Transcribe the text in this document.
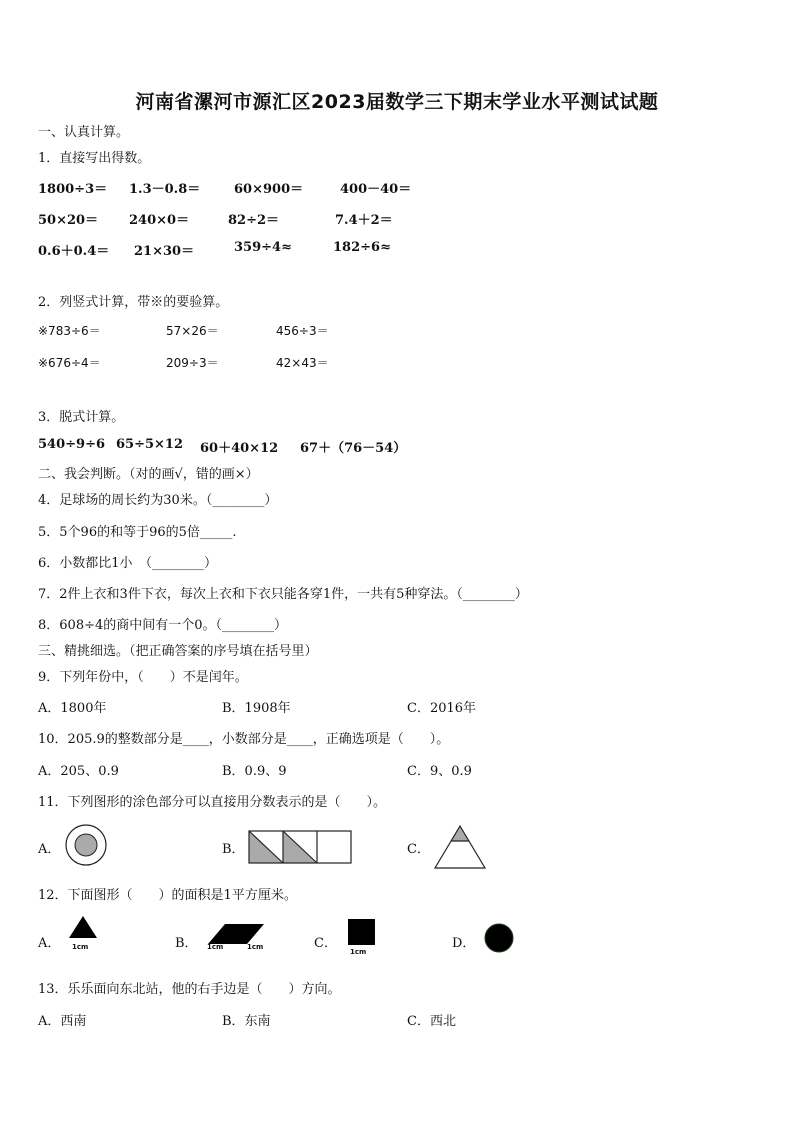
河南省漯河市源汇区2023届数学三下期末学业水平测试试题
一、认真计算。
1．直接写出得数。
1800÷3＝ 1.3－0.8＝	60×900＝	400－40＝
50×20＝ 240×0＝	82÷2＝	7.4＋2＝
0.6＋0.4＝ 21×30＝	359÷4≈	182÷6≈
2．列竖式计算，带※的要验算。
※783÷6＝	57×26＝	456÷3＝
※676÷4＝	209÷3＝	42×43＝
3．脱式计算。
540÷9÷6 65÷5×12 60＋40×12 67＋（76－54）
二、我会判断。（对的画√，错的画×）
4．足球场的周长约为30米。（________）
5．5个96的和等于96的5倍_____.
6．小数都比1小　（________）
7．2件上衣和3件下衣，每次上衣和下衣只能各穿1件，一共有5种穿法。（________）
8．608÷4的商中间有一个0。（________）
三、精挑细选。（把正确答案的序号填在括号里）
9．下列年份中，（　　）不是闰年。
A．1800年	B．1908年	C．2016年
10．205.9的整数部分是____，小数部分是____，正确选项是（　　）。
A．205、0.9	B．0.9、9	C．9、0.9
11．下列图形的涂色部分可以直接用分数表示的是（　　）。
A．	B．	C．
12．下面图形（　　）的面积是1平方厘米。
A． 1cm	B． 1cm	1cm	C．
1cm
D．
13．乐乐面向东北站，他的右手边是（　　）方向。
A．西南	B．东南	C．西北
